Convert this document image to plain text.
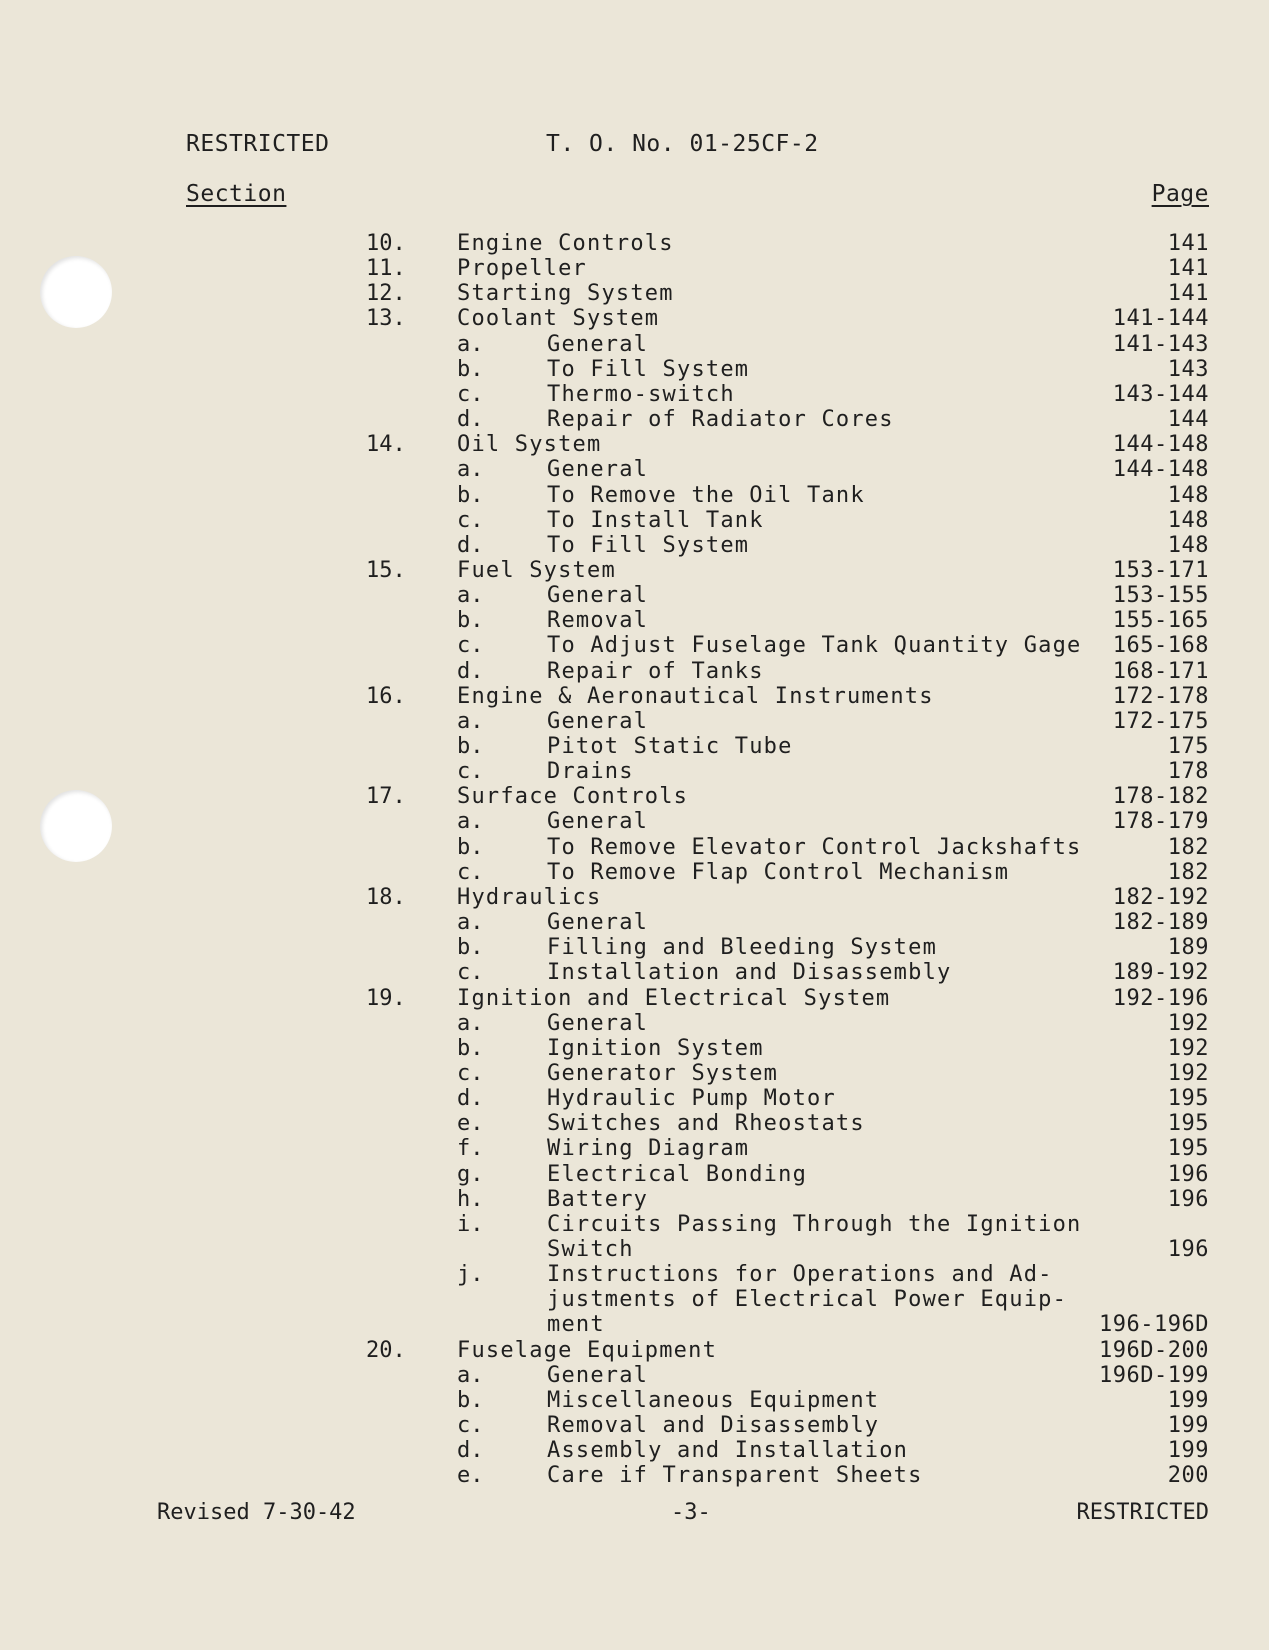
RESTRICTED	T. O. No. 01-25CF-2
Section	Page
10. Engine Controls	141
11. Propeller	141
12. Starting System	141
13. Coolant System	141-144
a.	General	141-143
b.	To Fill System	143
c.	Thermo-switch	143-144
d.	Repair of Radiator Cores	144
14. Oil System	144-148
a.	General	144-148
b.	To Remove the Oil Tank	148
c.	To Install Tank	148
d.	To Fill System	148
15. Fuel System	153-171
a.	General	153-155
b.	Removal	155-165
c.	To Adjust Fuselage Tank Quantity Gage 165-168
d.	Repair of Tanks	168-171
16. Engine & Aeronautical Instruments	172-178
a.	General	172-175
b.	Pitot Static Tube	175
c.	Drains	178
17. Surface Controls	178-182
a.	General	178-179
b.	To Remove Elevator Control Jackshafts	182
c.	To Remove Flap Control Mechanism	182
18. Hydraulics	182-192
a.	General	182-189
b.	Filling and Bleeding System	189
c.	Installation and Disassembly	189-192
19. Ignition and Electrical System	192-196
a.	General	192
b.	Ignition System	192
c.	Generator System	192
d.	Hydraulic Pump Motor	195
e.	Switches and Rheostats	195
f.	Wiring Diagram	195
g.	Electrical Bonding	196
h.	Battery	196
i.	Circuits Passing Through the Ignition
Switch	196
j.	Instructions for Operations and Ad-
justments of Electrical Power Equip-
ment	196-196D
20. Fuselage Equipment	196D-200
a.	General	196D-199
b.	Miscellaneous Equipment	199
c.	Removal and Disassembly	199
d.	Assembly and Installation	199
e.	Care if Transparent Sheets	200
Revised 7-30-42	-3-	RESTRICTED
